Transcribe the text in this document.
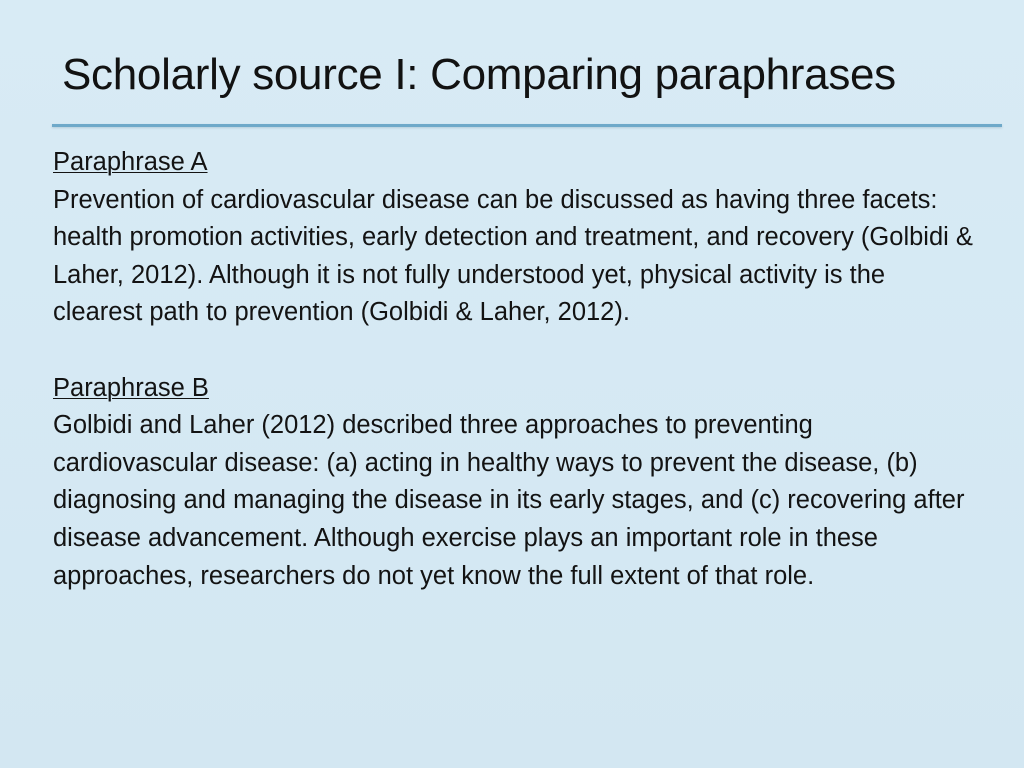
Scholarly source I: Comparing paraphrases
Paraphrase A

Prevention of cardiovascular disease can be discussed as having three facets: health promotion activities, early detection and treatment, and recovery (Golbidi & Laher, 2012). Although it is not fully understood yet, physical activity is the clearest path to prevention (Golbidi & Laher, 2012).

Paraphrase B

Golbidi and Laher (2012) described three approaches to preventing cardiovascular disease: (a) acting in healthy ways to prevent the disease, (b) diagnosing and managing the disease in its early stages, and (c) recovering after disease advancement. Although exercise plays an important role in these approaches, researchers do not yet know the full extent of that role.
